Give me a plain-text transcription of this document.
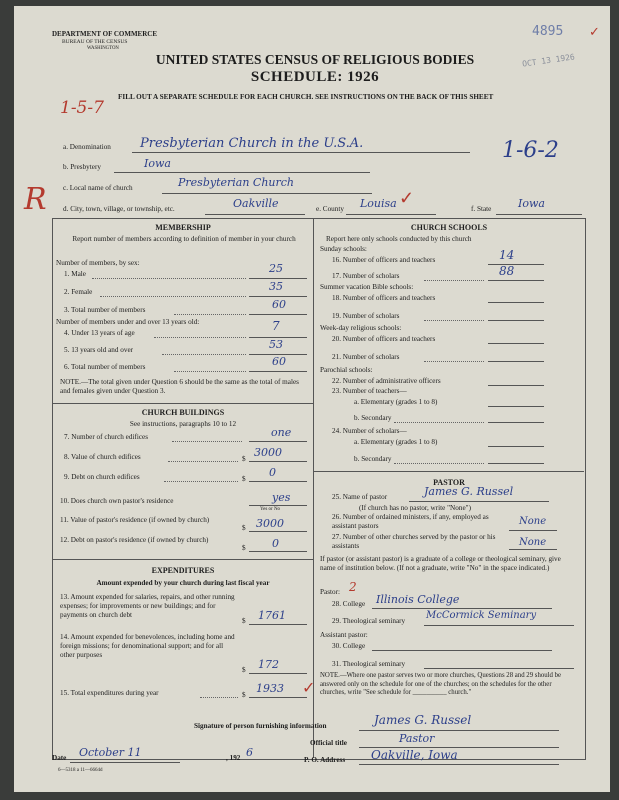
DEPARTMENT OF COMMERCE
BUREAU OF THE CENSUS
WASHINGTON
UNITED STATES CENSUS OF RELIGIOUS BODIES
SCHEDULE: 1926
FILL OUT A SEPARATE SCHEDULE FOR EACH CHURCH. SEE INSTRUCTIONS ON THE BACK OF THIS SHEET
4895 ✓
OCT 13 1926
1-5-7
1-6-2
a. Denomination Presbyterian Church in the U.S.A.
b. Presbytery	Iowa
c. Local name of church	Presbyterian Church
R d. City, town, village, or township, etc.	Oakville	e. County Louisa ✓
f. State Iowa
MEMBERSHIP
Report number of members according to definition of member in your church
Number of members, by sex:
1. Male	25
2. Female	35
3. Total number of members	60
Number of members under and over 13 years old:
4. Under 13 years of age	7
5. 13 years old and over	53
6. Total number of members	60
NOTE.—The total given under Question 6 should be the same as the total of males and females given under Question 3.
CHURCH BUILDINGS
See instructions, paragraphs 10 to 12
7. Number of church edifices	one
8. Value of church edifices	$ 3000
9. Debt on church edifices	$ 0
10. Does church own pastor's residence	yes
Yes or No
11. Value of pastor's residence (if owned by church)
$ 3000
12. Debt on pastor's residence (if owned by church)
$ 0
EXPENDITURES
Amount expended by your church during last fiscal year
13. Amount expended for salaries, repairs, and other running expenses; for improvements or new buildings; and for payments on church debt
$ 1761
14. Amount expended for benevolences, including home and foreign missions; for denominational support; and for all other purposes
$ 172
15. Total expenditures during year	$ 1933 ✓
CHURCH SCHOOLS
Report here only schools conducted by this church
Sunday schools:
16. Number of officers and teachers	14
17. Number of scholars	88
Summer vacation Bible schools:
18. Number of officers and teachers
19. Number of scholars
Week-day religious schools:
20. Number of officers and teachers
21. Number of scholars
Parochial schools:
22. Number of administrative officers
23. Number of teachers—
a. Elementary (grades 1 to 8)
b. Secondary
24. Number of scholars—
a. Elementary (grades 1 to 8)
b. Secondary
PASTOR
25. Name of pastor	James G. Russel
(If church has no pastor, write "None")
26. Number of ordained ministers, if any, employed as assistant pastors	None
27. Number of other churches served by the pastor or his assistants	None
If pastor (or assistant pastor) is a graduate of a college or theological seminary, give name of institution below. (If not a graduate, write "No" in the space indicated.)
Pastor: 2
28. College Illinois College
29. Theological seminary McCormick Seminary
Assistant pastor:
30. College
31. Theological seminary
NOTE.—Where one pastor serves two or more churches, Questions 28 and 29 should be answered only on the schedule for one of the churches; on the schedules for the other churches, write "See schedule for __________ church."
Signature of person furnishing information	James G. Russel
Official title	Pastor
Date October 11	, 192 6
P. O. Address Oakville, Iowa
6—5318 a 11—6664d
